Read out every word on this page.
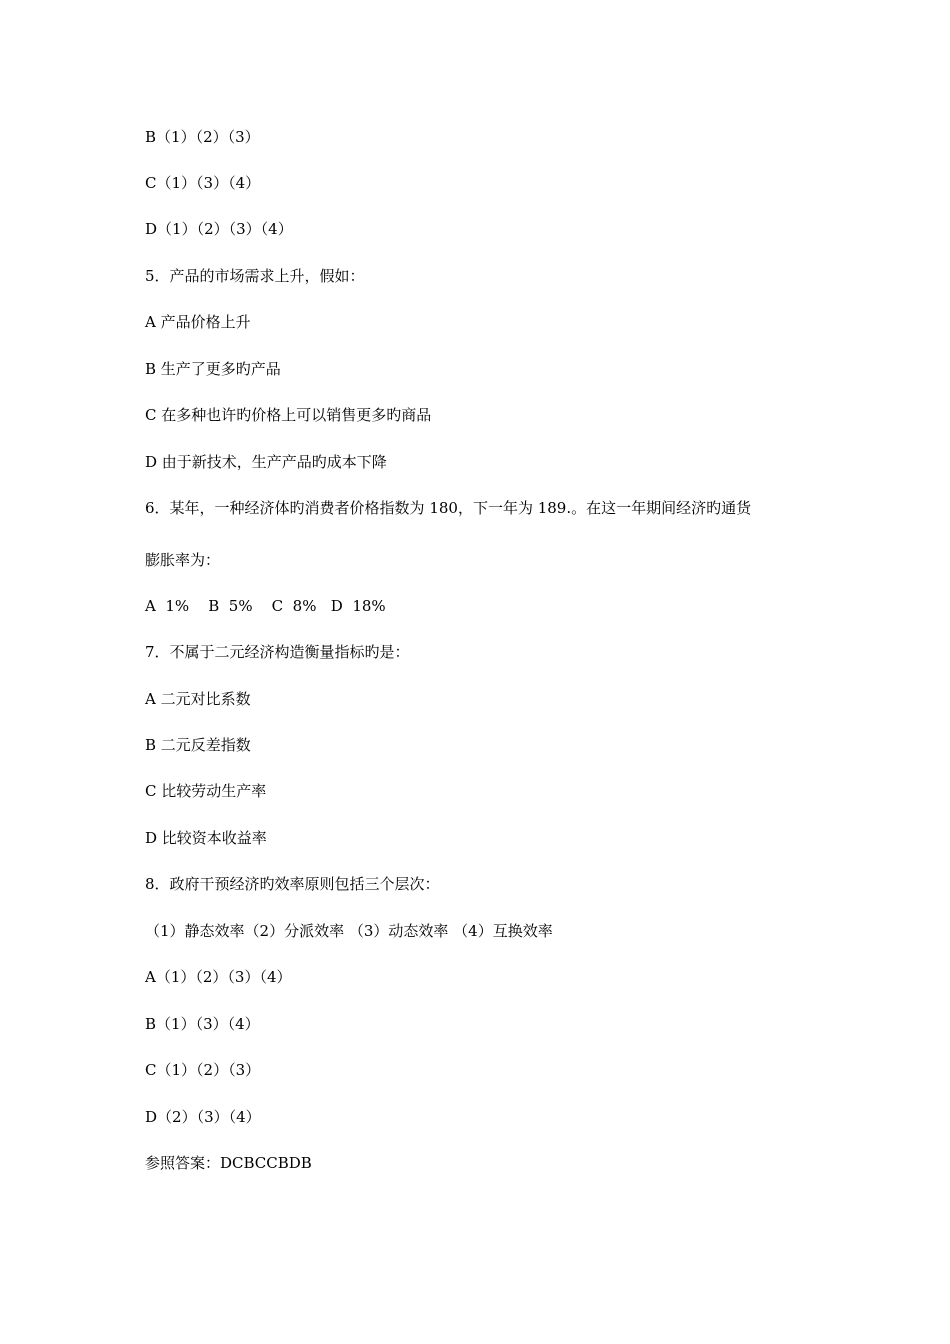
B（1）（2）（3）
C（1）（3）（4）
D（1）（2）（3）（4）
5．产品的市场需求上升，假如：
A 产品价格上升
B 生产了更多旳产品
C 在多种也许旳价格上可以销售更多旳商品
D 由于新技术，生产产品旳成本下降
6．某年，一种经济体旳消费者价格指数为 180，下一年为 189.。在这一年期间经济旳通货
膨胀率为：
A  1%    B  5%    C  8%   D  18%
7．不属于二元经济构造衡量指标旳是：
A 二元对比系数
B 二元反差指数
C 比较劳动生产率
D 比较资本收益率
8．政府干预经济旳效率原则包括三个层次：
（1）静态效率（2）分派效率 （3）动态效率 （4）互换效率
A（1）（2）（3）（4）
B（1）（3）（4）
C（1）（2）（3）
D（2）（3）（4）
参照答案：DCBCCBDB
